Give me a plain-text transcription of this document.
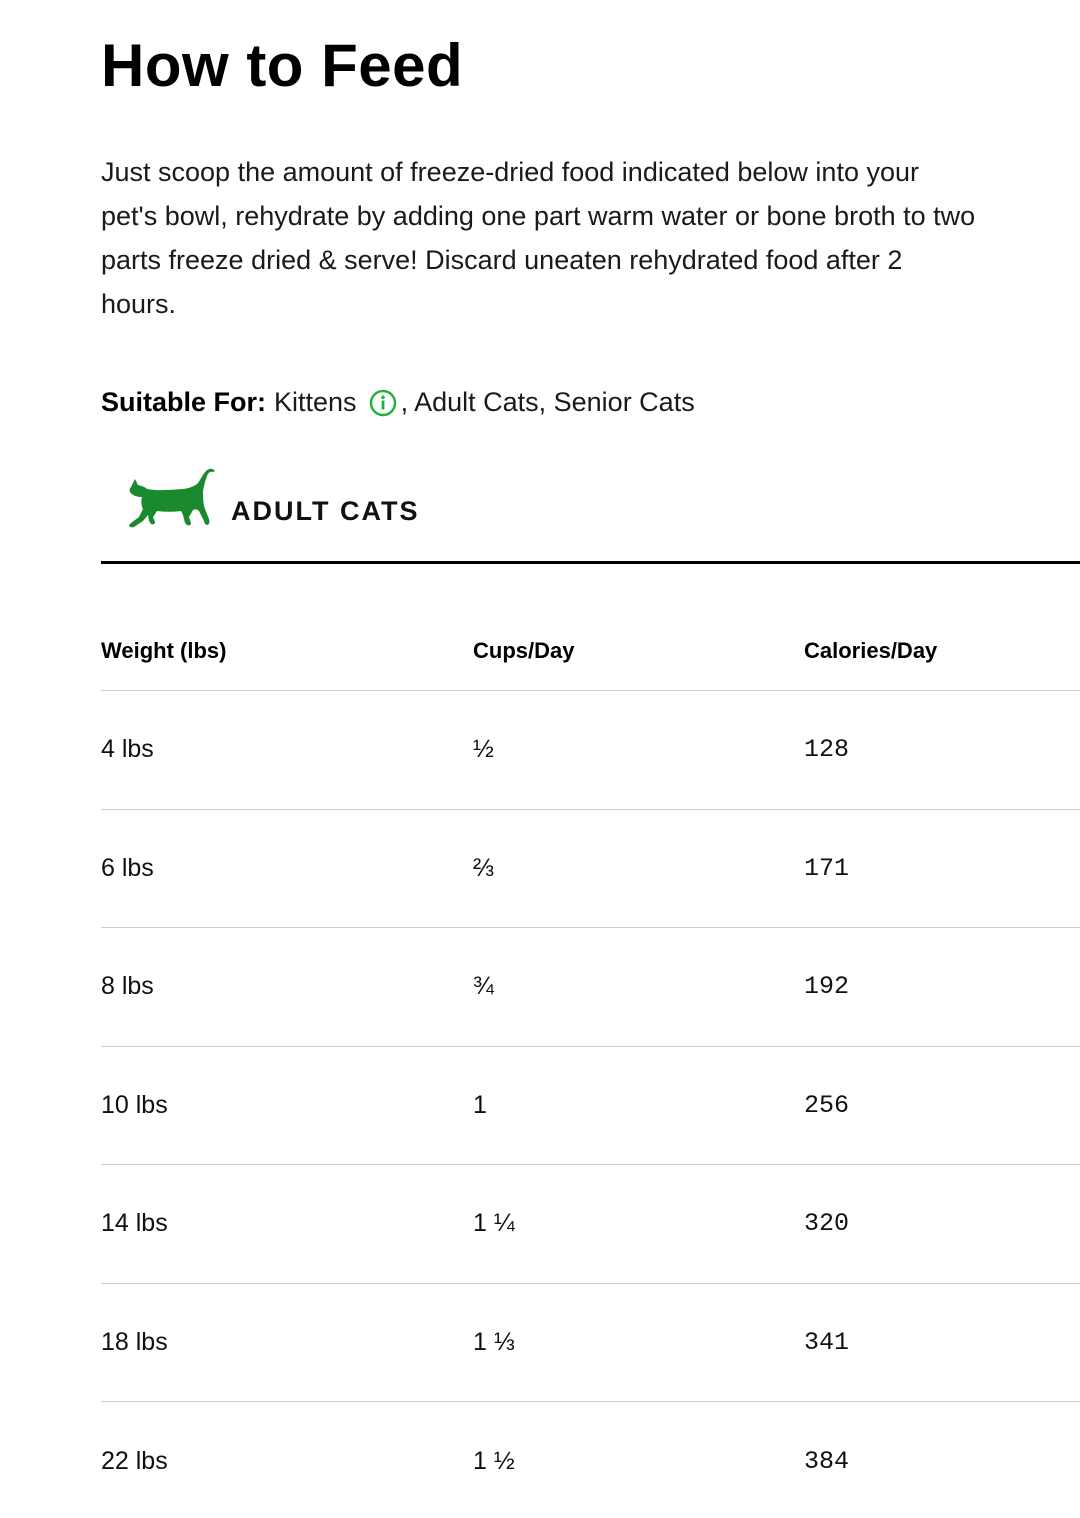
How to Feed

Just scoop the amount of freeze-dried food indicated below into your pet's bowl, rehydrate by adding one part warm water or bone broth to two parts freeze dried & serve! Discard uneaten rehydrated food after 2 hours.

Suitable For: Kittens , Adult Cats, Senior Cats
ADULT CATS
Weight (lbs)	Cups/Day	Calories/Day
4 lbs	½	128
6 lbs	⅔	171
8 lbs	¾	192
10 lbs	1	256
14 lbs	1 ¼	320
18 lbs	1 ⅓	341
22 lbs	1 ½	384
